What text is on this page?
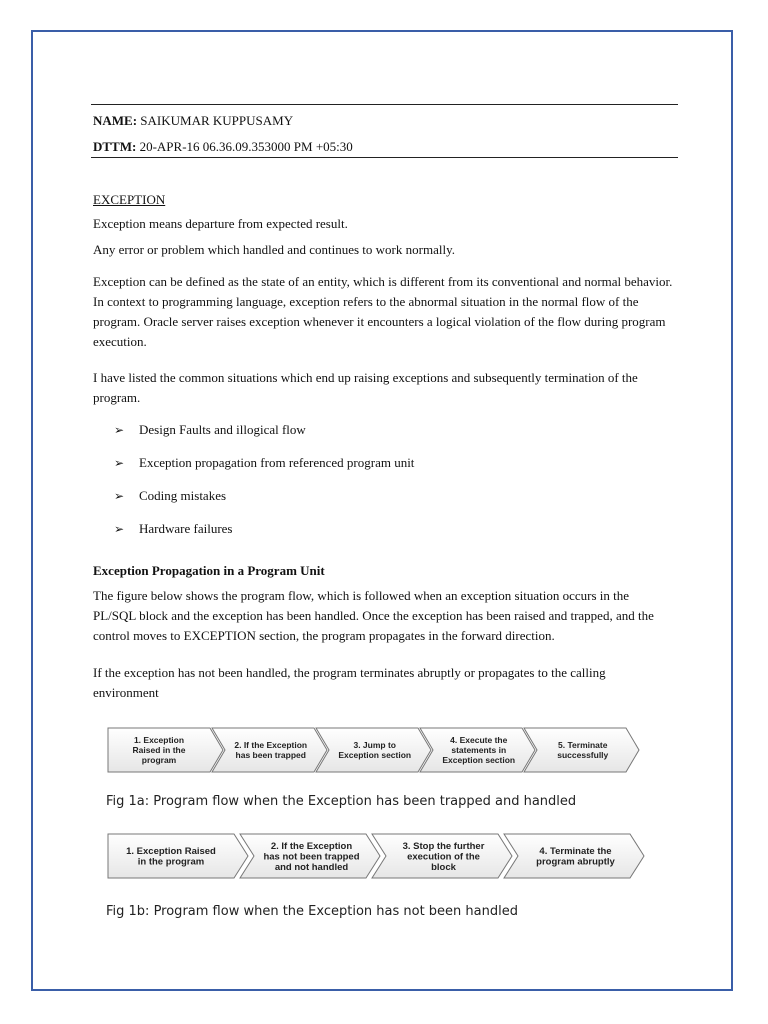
NAME: SAIKUMAR KUPPUSAMY
DTTM: 20-APR-16 06.36.09.353000 PM +05:30
EXCEPTION
Exception means departure from expected result.
Any error or problem which handled and continues to work normally.
Exception can be defined as the state of an entity, which is different from its conventional and normal behavior. In context to programming language, exception refers to the abnormal situation in the normal flow of the program. Oracle server raises exception whenever it encounters a logical violation of the flow during program execution.
I have listed the common situations which end up raising exceptions and subsequently termination of the program.
➢ Design Faults and illogical flow
➢ Exception propagation from referenced program unit
➢ Coding mistakes
➢ Hardware failures
Exception Propagation in a Program Unit
The figure below shows the program flow, which is followed when an exception situation occurs in the PL/SQL block and the exception has been handled. Once the exception has been raised and trapped, and the control moves to EXCEPTION section, the program propagates in the forward direction.
If the exception has not been handled, the program terminates abruptly or propagates to the calling environment
1. Exception
Raised in the
program
2. If the Exception
has been trapped
3. Jump to
Exception section
4. Execute the
statements in
Exception section
5. Terminate
successfully
Fig 1a: Program flow when the Exception has been trapped and handled
1. Exception Raised
in the program
2. If the Exception
has not been trapped
and not handled
3. Stop the further
execution of the
block
4. Terminate the
program abruptly
Fig 1b: Program flow when the Exception has not been handled
